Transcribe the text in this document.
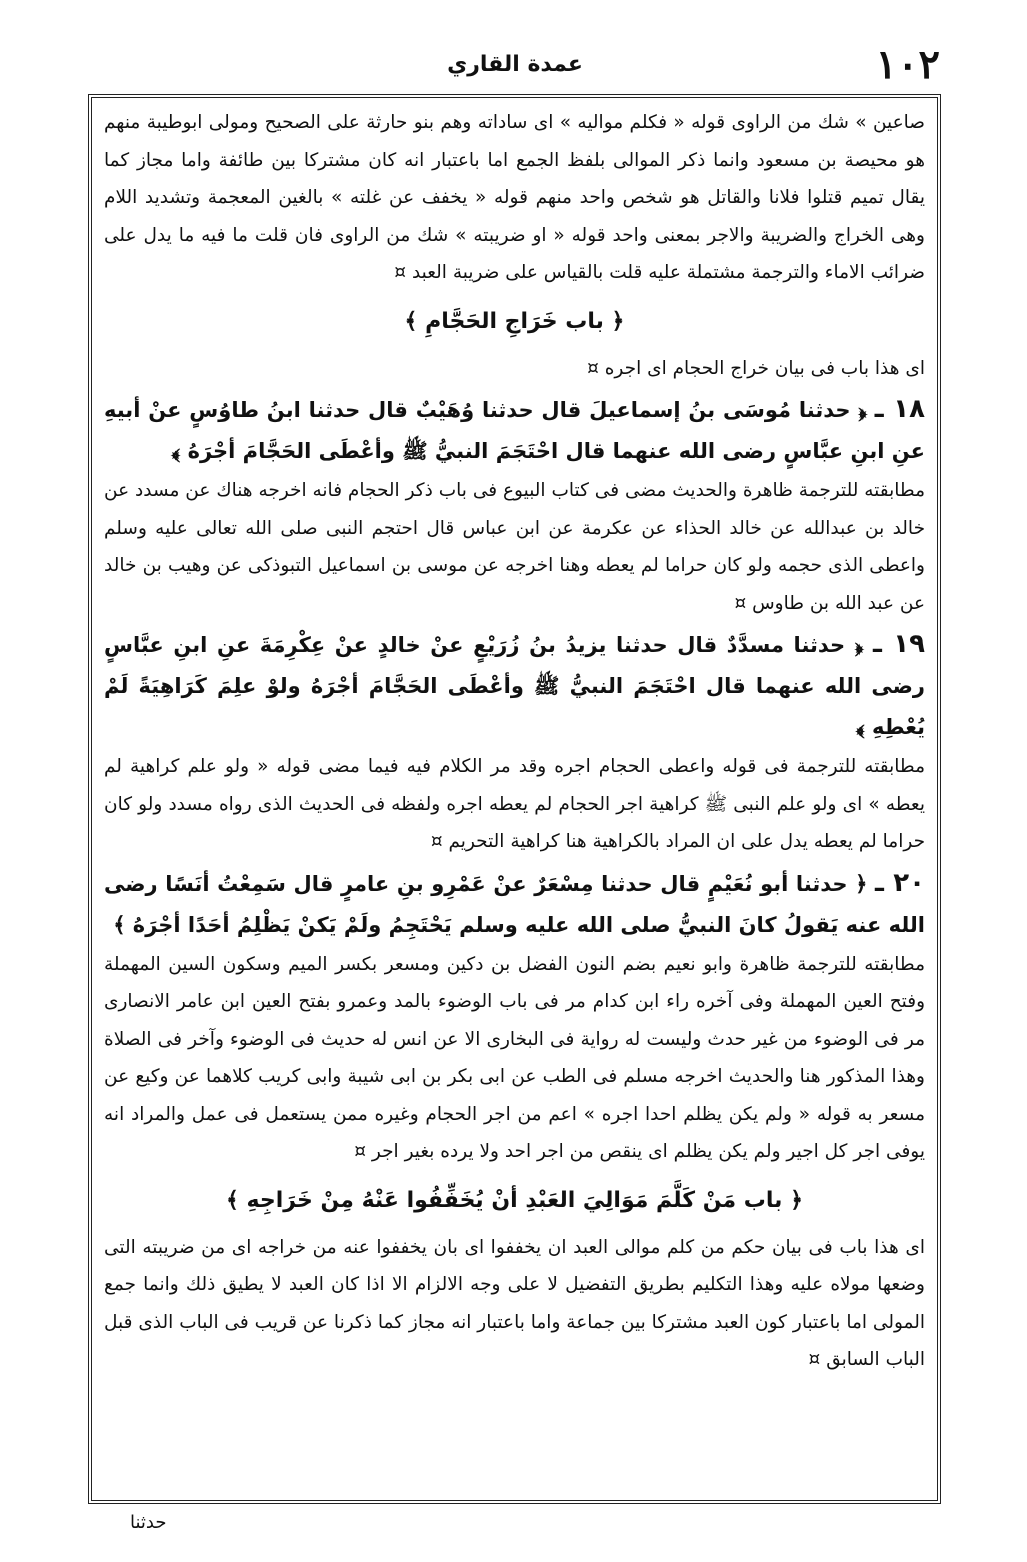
عمدة القاري	١٠٢

صاعين » شك من الراوى قوله « فكلم مواليه » اى ساداته وهم بنو حارثة على الصحيح ومولى ابوطيبة منهم هو محيصة بن مسعود وانما ذكر الموالى بلفظ الجمع اما باعتبار انه كان مشتركا بين طائفة واما مجاز كما يقال تميم قتلوا فلانا والقاتل هو شخص واحد منهم قوله « يخفف عن غلته » بالغين المعجمة وتشديد اللام وهى الخراج والضريبة والاجر بمعنى واحد قوله « او ضريبته » شك من الراوى فان قلت ما فيه ما يدل على ضرائب الاماء والترجمة مشتملة عليه قلت بالقياس على ضريبة العبد ¤

﴿ باب خَرَاجِ الحَجَّامِ ﴾

اى هذا باب فى بيان خراج الحجام اى اجره ¤

١٨ ـ ﴿ حدثنا مُوسَى بنُ إسماعيلَ قال حدثنا وُهَيْبٌ قال حدثنا ابنُ طاوُسٍ عنْ أبيهِ عنِ ابنِ عبَّاسٍ رضى الله عنهما قال احْتَجَمَ النبيُّ ﷺ وأعْطَى الحَجَّامَ أجْرَهُ ﴾

مطابقته للترجمة ظاهرة والحديث مضى فى كتاب البيوع فى باب ذكر الحجام فانه اخرجه هناك عن مسدد عن خالد بن عبدالله عن خالد الحذاء عن عكرمة عن ابن عباس قال احتجم النبى صلى الله تعالى عليه وسلم واعطى الذى حجمه ولو كان حراما لم يعطه وهنا اخرجه عن موسى بن اسماعيل التبوذكى عن وهيب بن خالد عن عبد الله بن طاوس ¤

١٩ ـ ﴿ حدثنا مسدَّدٌ قال حدثنا يزيدُ بنُ زُرَيْعٍ عنْ خالدٍ عنْ عِكْرِمَةَ عنِ ابنِ عبَّاسٍ رضى الله عنهما قال احْتَجَمَ النبيُّ ﷺ وأعْطَى الحَجَّامَ أجْرَهُ ولوْ علِمَ كَرَاهِيَةً لَمْ يُعْطِهِ ﴾

مطابقته للترجمة فى قوله واعطى الحجام اجره وقد مر الكلام فيه فيما مضى قوله « ولو علم كراهية لم يعطه » اى ولو علم النبى ﷺ كراهية اجر الحجام لم يعطه اجره ولفظه فى الحديث الذى رواه مسدد ولو كان حراما لم يعطه يدل على ان المراد بالكراهية هنا كراهية التحريم ¤

٢٠ ـ ﴿ حدثنا أبو نُعَيْمٍ قال حدثنا مِسْعَرٌ عنْ عَمْرِو بنِ عامرٍ قال سَمِعْتُ أنَسًا رضى الله عنه يَقولُ كانَ النبيُّ صلى الله عليه وسلم يَحْتَجِمُ ولَمْ يَكنْ يَظْلِمُ أحَدًا أجْرَهُ ﴾

مطابقته للترجمة ظاهرة وابو نعيم بضم النون الفضل بن دكين ومسعر بكسر الميم وسكون السين المهملة وفتح العين المهملة وفى آخره راء ابن كدام مر فى باب الوضوء بالمد وعمرو بفتح العين ابن عامر الانصارى مر فى الوضوء من غير حدث وليست له رواية فى البخارى الا عن انس له حديث فى الوضوء وآخر فى الصلاة وهذا المذكور هنا والحديث اخرجه مسلم فى الطب عن ابى بكر بن ابى شيبة وابى كريب كلاهما عن وكيع عن مسعر به قوله « ولم يكن يظلم احدا اجره » اعم من اجر الحجام وغيره ممن يستعمل فى عمل والمراد انه يوفى اجر كل اجير ولم يكن يظلم اى ينقص من اجر احد ولا يرده بغير اجر ¤

﴿ باب مَنْ كَلَّمَ مَوَالِيَ العَبْدِ أنْ يُخَفِّفُوا عَنْهُ مِنْ خَرَاجِهِ ﴾

اى هذا باب فى بيان حكم من كلم موالى العبد ان يخففوا اى بان يخففوا عنه من خراجه اى من ضريبته التى وضعها مولاه عليه وهذا التكليم بطريق التفضيل لا على وجه الالزام الا اذا كان العبد لا يطيق ذلك وانما جمع المولى اما باعتبار كون العبد مشتركا بين جماعة واما باعتبار انه مجاز كما ذكرنا عن قريب فى الباب الذى قبل الباب السابق ¤

حدثنا
